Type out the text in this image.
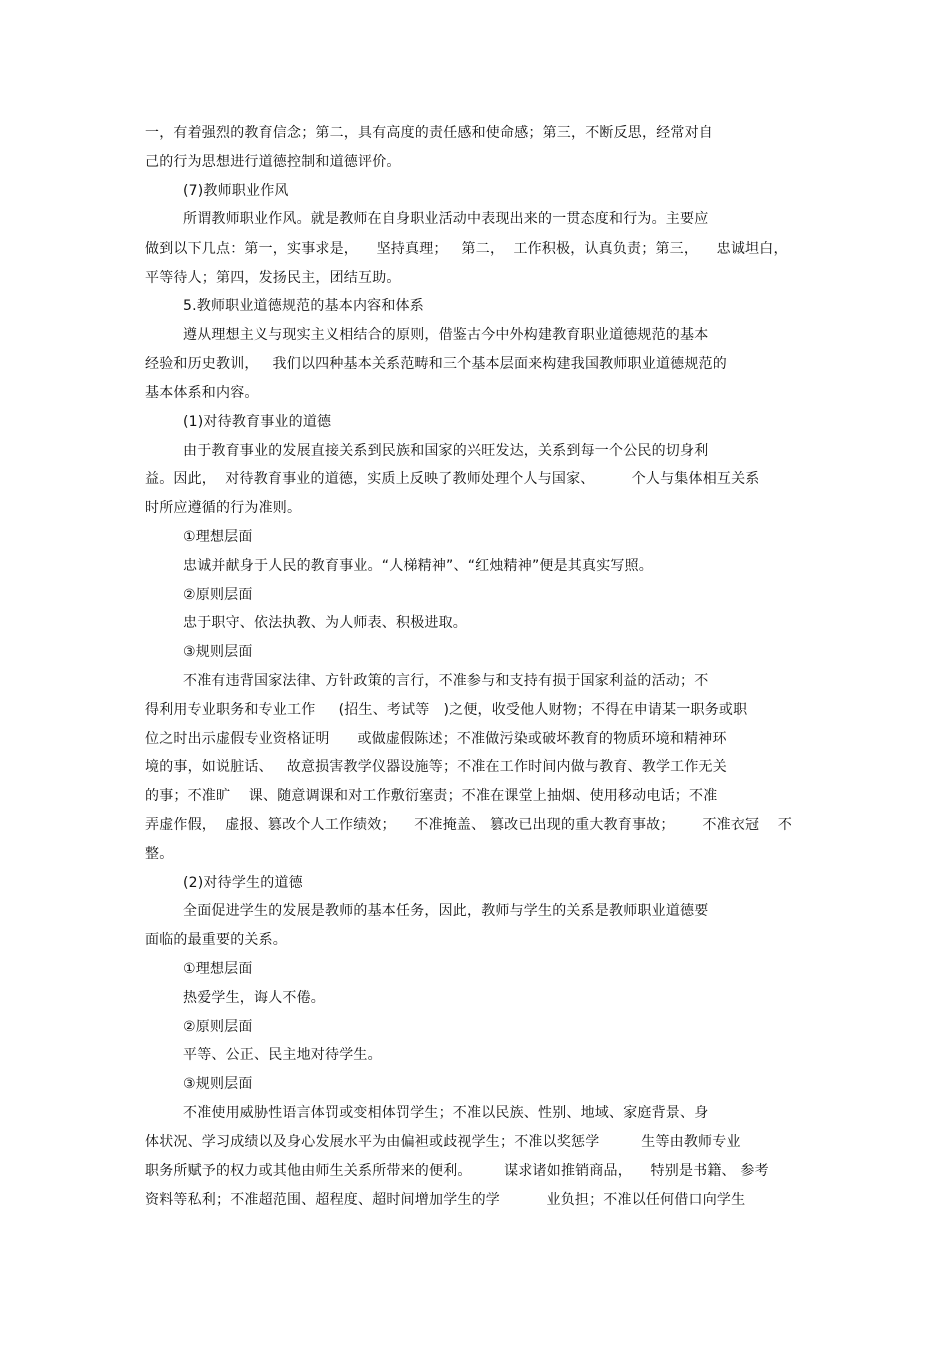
一，有着强烈的教育信念；第二，具有高度的责任感和使命感；第三，不断反思，经常对自
己的行为思想进行道德控制和道德评价。
(7)教师职业作风
所谓教师职业作风。就是教师在自身职业活动中表现出来的一贯态度和行为。主要应
做到以下几点：第一，实事求是，    坚持真理；   第二，  工作积极，认真负责；第三，    忠诚坦白，
平等待人；第四，发扬民主，团结互助。
5.教师职业道德规范的基本内容和体系
遵从理想主义与现实主义相结合的原则，借鉴古今中外构建教育职业道德规范的基本
经验和历史教训，   我们以四种基本关系范畴和三个基本层面来构建我国教师职业道德规范的
基本体系和内容。
(1)对待教育事业的道德
由于教育事业的发展直接关系到民族和国家的兴旺发达，关系到每一个公民的切身利
益。因此，  对待教育事业的道德，实质上反映了教师处理个人与国家、        个人与集体相互关系
时所应遵循的行为准则。
①理想层面
忠诚并献身于人民的教育事业。“人梯精神”、“红烛精神”便是其真实写照。
②原则层面
忠于职守、依法执教、为人师表、积极进取。
③规则层面
不准有违背国家法律、方针政策的言行，不准参与和支持有损于国家利益的活动；不
得利用专业职务和专业工作     (招生、考试等   )之便，收受他人财物；不得在申请某一职务或职
位之时出示虚假专业资格证明      或做虚假陈述；不准做污染或破坏教育的物质环境和精神环
境的事，如说脏话、   故意损害教学仪器设施等；不准在工作时间内做与教育、教学工作无关
的事；不准旷    课、随意调课和对工作敷衍塞责；不准在课堂上抽烟、使用移动电话；不准
弄虚作假，  虚报、篡改个人工作绩效；    不准掩盖、 篡改已出现的重大教育事故；      不准衣冠    不
整。
(2)对待学生的道德
全面促进学生的发展是教师的基本任务，因此，教师与学生的关系是教师职业道德要
面临的最重要的关系。
①理想层面
热爱学生，诲人不倦。
②原则层面
平等、公正、民主地对待学生。
③规则层面
不准使用威胁性语言体罚或变相体罚学生；不准以民族、性别、地域、家庭背景、身
体状况、学习成绩以及身心发展水平为由偏袒或歧视学生；不准以奖惩学         生等由教师专业
职务所赋予的权力或其他由师生关系所带来的便利。       谋求诸如推销商品，    特别是书籍、 参考
资料等私利；不准超范围、超程度、超时间增加学生的学          业负担；不准以任何借口向学生
